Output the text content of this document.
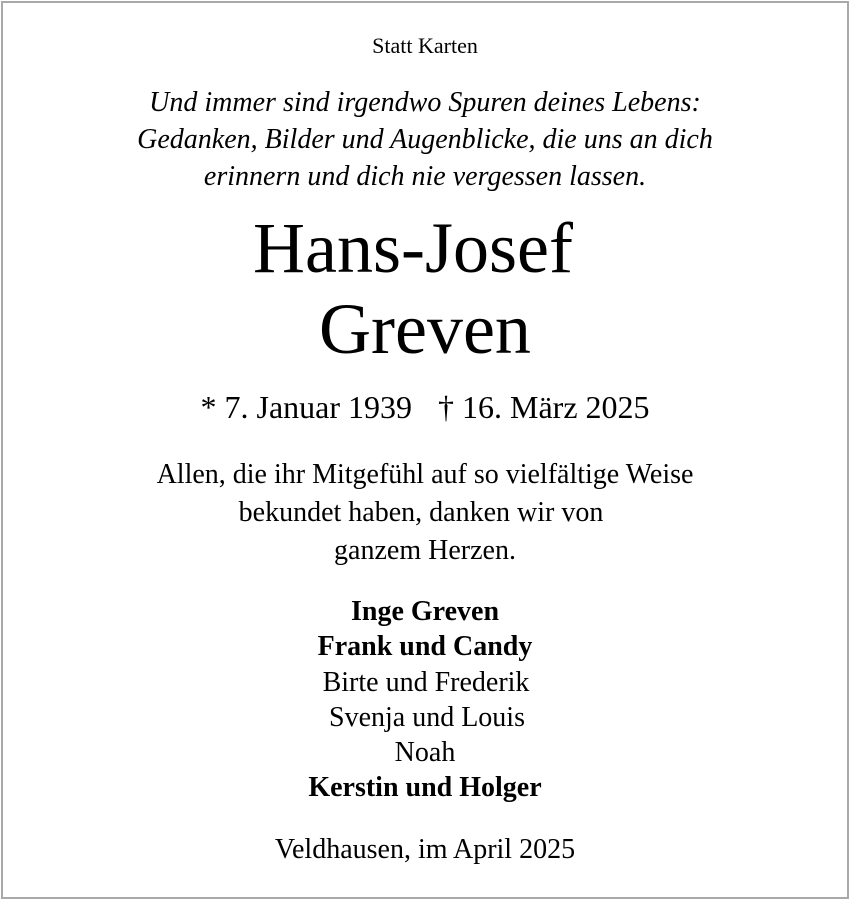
Statt Karten
Und immer sind irgendwo Spuren deines Lebens:
Gedanken, Bilder und Augenblicke, die uns an dich
erinnern und dich nie vergessen lassen.
Hans-Josef
Greven
* 7. Januar 1939 † 16. März 2025
Allen, die ihr Mitgefühl auf so vielfältige Weise
bekundet haben, danken wir von
ganzem Herzen.
Inge Greven
Frank und Candy
Birte und Frederik
Svenja und Louis
Noah
Kerstin und Holger
Veldhausen, im April 2025
